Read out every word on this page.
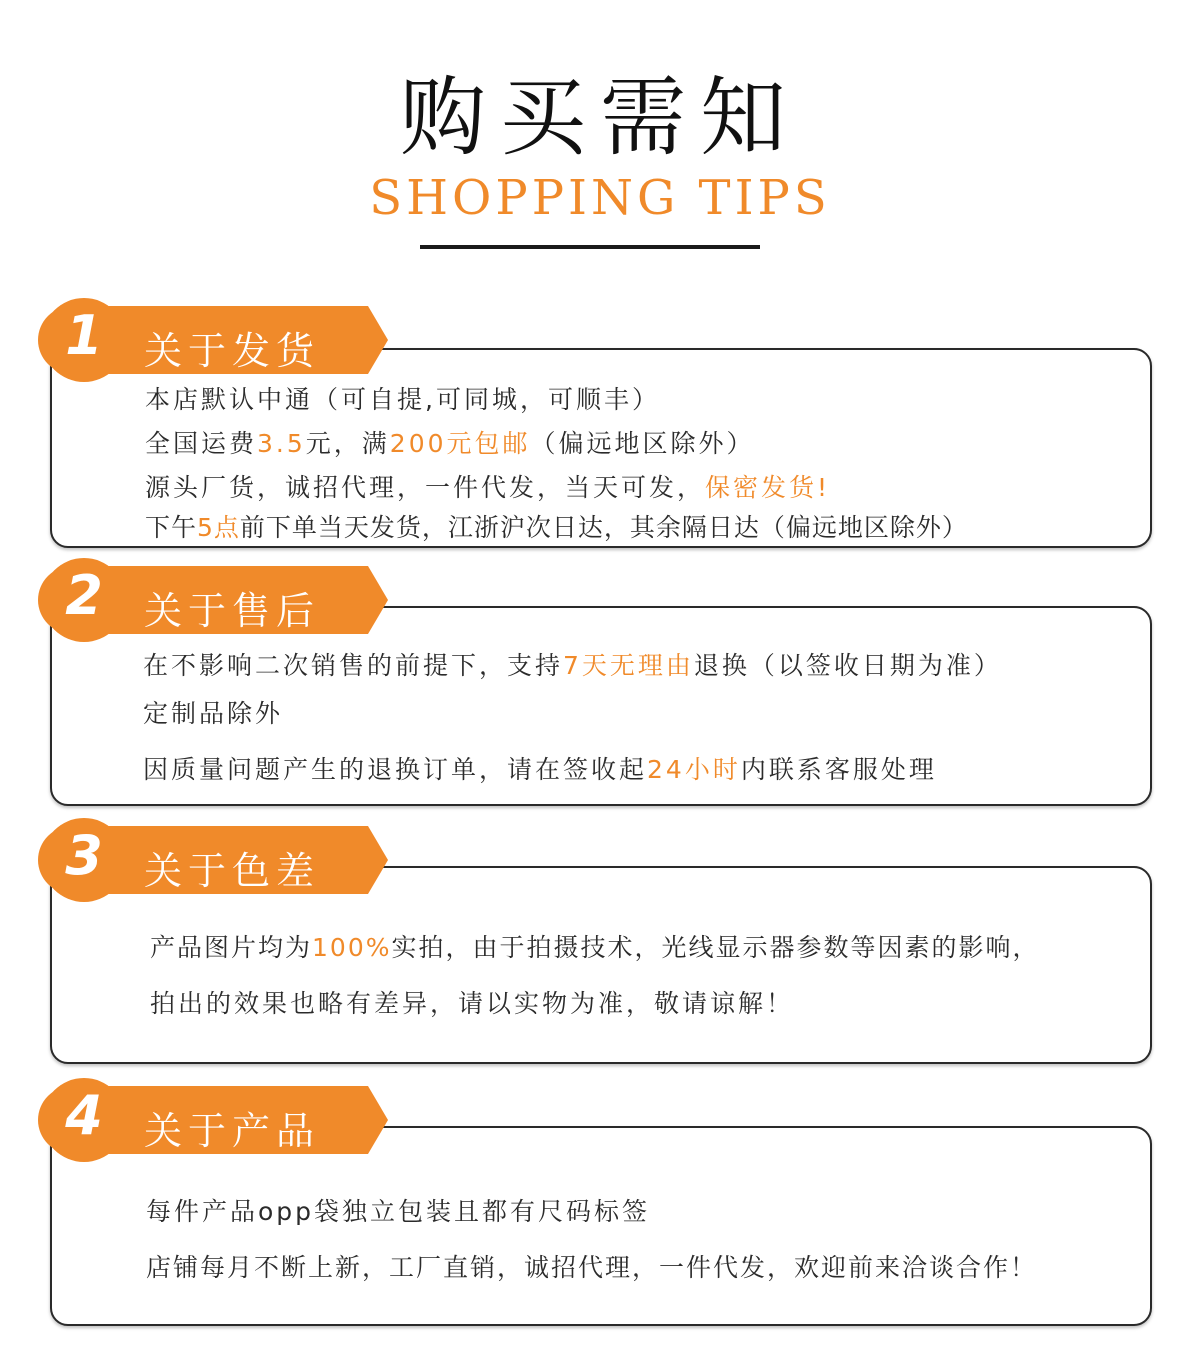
购买需知
SHOPPING TIPS
1 关于发货
本店默认中通（可自提,可同城，可顺丰）
全国运费3.5元，满200元包邮（偏远地区除外）
源头厂货，诚招代理，一件代发，当天可发，保密发货!
下午5点前下单当天发货，江浙沪次日达，其余隔日达（偏远地区除外）
2 关于售后
在不影响二次销售的前提下，支持7天无理由退换（以签收日期为准）
定制品除外
因质量问题产生的退换订单，请在签收起24小时内联系客服处理
3 关于色差
产品图片均为100%实拍，由于拍摄技术，光线显示器参数等因素的影响，
拍出的效果也略有差异，请以实物为准，敬请谅解！
4 关于产品
每件产品opp袋独立包装且都有尺码标签
店铺每月不断上新，工厂直销，诚招代理，一件代发，欢迎前来洽谈合作！
